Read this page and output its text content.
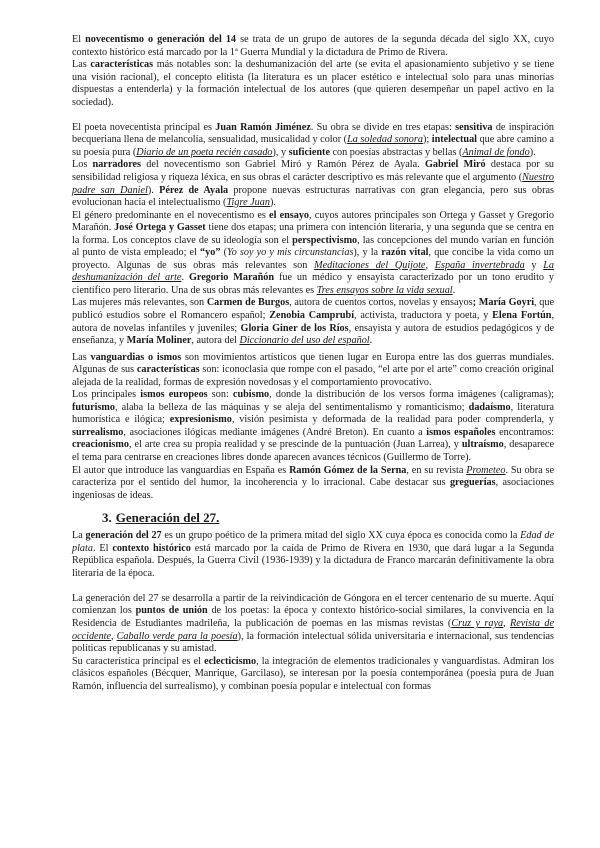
El novecentismo o generación del 14 se trata de un grupo de autores de la segunda década del siglo XX, cuyo contexto histórico está marcado por la 1ª Guerra Mundial y la dictadura de Primo de Rivera.

Las características más notables son: la deshumanización del arte (se evita el apasionamiento subjetivo y se tiene una visión racional), el concepto elitista (la literatura es un placer estético e intelectual solo para unas minorías dispuestas a entenderla) y la formación intelectual de los autores (que quieren desempeñar un papel activo en la sociedad).

El poeta novecentista principal es Juan Ramón Jiménez. Su obra se divide en tres etapas: sensitiva de inspiración becqueriana llena de melancolía, sensualidad, musicalidad y color (La soledad sonora); intelectual que abre camino a su poesía pura (Diario de un poeta recién casado), y suficiente con poesías abstractas y bellas (Animal de fondo).

Los narradores del novecentismo son Gabriel Miró y Ramón Pérez de Ayala. Gabriel Miró destaca por su sensibilidad religiosa y riqueza léxica, en sus obras el carácter descriptivo es más relevante que el argumento (Nuestro padre san Daniel). Pérez de Ayala propone nuevas estructuras narrativas con gran elegancia, pero sus obras evolucionan hacia el intelectualismo (Tigre Juan).

El género predominante en el novecentismo es el ensayo, cuyos autores principales son Ortega y Gasset y Gregorio Marañón. José Ortega y Gasset tiene dos etapas; una primera con intención literaria, y una segunda que se centra en la forma. Los conceptos clave de su ideología son el perspectivismo, las concepciones del mundo varían en función al punto de vista empleado; el “yo” (Yo soy yo y mis circunstancias), y la razón vital, que concibe la vida como un proyecto. Algunas de sus obras más relevantes son Meditaciones del Quijote, España invertebrada y La deshumanización del arte. Gregorio Marañón fue un médico y ensayista caracterizado por un tono erudito y científico pero literario. Una de sus obras más relevantes es Tres ensayos sobre la vida sexual.

Las mujeres más relevantes, son Carmen de Burgos, autora de cuentos cortos, novelas y ensayos; María Goyri, que publicó estudios sobre el Romancero español; Zenobia Camprubí, activista, traductora y poeta, y Elena Fortún, autora de novelas infantiles y juveniles; Gloria Giner de los Ríos, ensayista y autora de estudios pedagógicos y de enseñanza, y María Moliner, autora del Diccionario del uso del español.

Las vanguardias o ismos son movimientos artísticos que tienen lugar en Europa entre las dos guerras mundiales. Algunas de sus características son: iconoclasia que rompe con el pasado, “el arte por el arte” como creación original alejada de la realidad, formas de expresión novedosas y el comportamiento provocativo.

Los principales ismos europeos son: cubismo, donde la distribución de los versos forma imágenes (caligramas); futurismo, alaba la belleza de las máquinas y se aleja del sentimentalismo y romanticismo; dadaísmo, literatura humorística e ilógica; expresionismo, visión pesimista y deformada de la realidad para poder comprenderla, y surrealismo, asociaciones ilógicas mediante imágenes (André Breton). En cuanto a ismos españoles encontramos: creacionismo, el arte crea su propia realidad y se prescinde de la puntuación (Juan Larrea), y ultraísmo, desaparece el tema para centrarse en creaciones libres donde aparecen avances técnicos (Guillermo de Torre).

El autor que introduce las vanguardias en España es Ramón Gómez de la Serna, en su revista Prometeo. Su obra se caracteriza por el sentido del humor, la incoherencia y lo irracional. Cabe destacar sus greguerías, asociaciones ingeniosas de ideas.

3. Generación del 27.

La generación del 27 es un grupo poético de la primera mitad del siglo XX cuya época es conocida como la Edad de plata. El contexto histórico está marcado por la caída de Primo de Rivera en 1930, que dará lugar a la Segunda República española. Después, la Guerra Civil (1936-1939) y la dictadura de Franco marcarán definitivamente la obra literaria de la época.

La generación del 27 se desarrolla a partir de la reivindicación de Góngora en el tercer centenario de su muerte. Aquí comienzan los puntos de unión de los poetas: la época y contexto histórico-social similares, la convivencia en la Residencia de Estudiantes madrileña, la publicación de poemas en las mismas revistas (Cruz y raya, Revista de occidente, Caballo verde para la poesía), la formación intelectual sólida universitaria e internacional, sus tendencias políticas republicanas y su amistad.

Su característica principal es el eclecticismo, la integración de elementos tradicionales y vanguardistas. Admiran los clásicos españoles (Bécquer, Manrique, Garcilaso), se interesan por la poesía contemporánea (poesía pura de Juan Ramón, influencia del surrealismo), y combinan poesía popular e intelectual con formas
